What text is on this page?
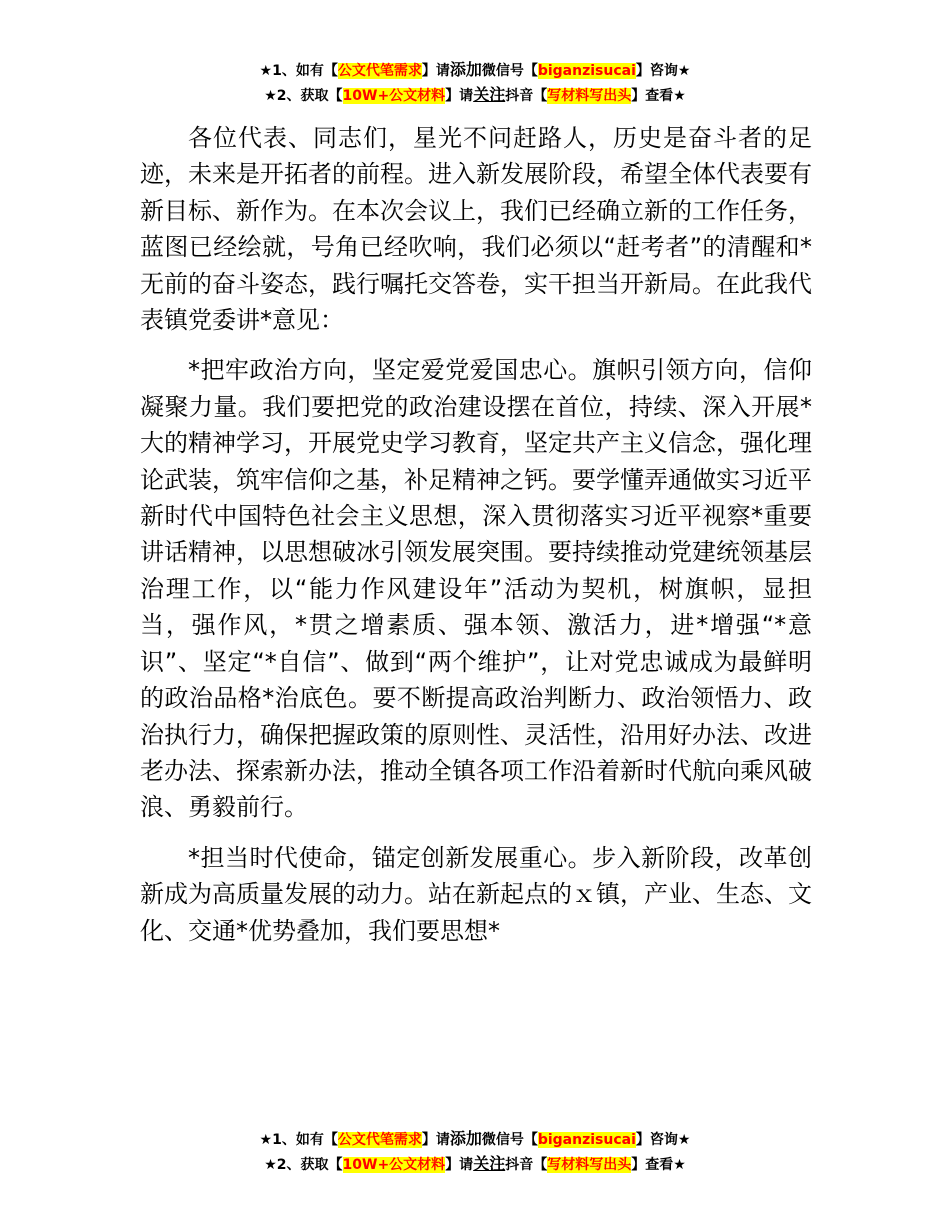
★1、如有【公文代笔需求】请添加微信号【biganzisucai】咨询★
★2、获取【10W+公文材料】请关注抖音【写材料写出头】查看★

各位代表、同志们，星光不问赶路人，历史是奋斗者的足迹，未来是开拓者的前程。进入新发展阶段，希望全体代表要有新目标、新作为。在本次会议上，我们已经确立新的工作任务，蓝图已经绘就，号角已经吹响，我们必须以“赶考者”的清醒和*无前的奋斗姿态，践行嘱托交答卷，实干担当开新局。在此我代表镇党委讲*意见：

*把牢政治方向，坚定爱党爱国忠心。旗帜引领方向，信仰凝聚力量。我们要把党的政治建设摆在首位，持续、深入开展*大的精神学习，开展党史学习教育，坚定共产主义信念，强化理论武装，筑牢信仰之基，补足精神之钙。要学懂弄通做实习近平新时代中国特色社会主义思想，深入贯彻落实习近平视察*重要讲话精神，以思想破冰引领发展突围。要持续推动党建统领基层治理工作，以“能力作风建设年”活动为契机，树旗帜，显担当，强作风，*贯之增素质、强本领、激活力，进*增强“*意识”、坚定“*自信”、做到“两个维护”，让对党忠诚成为最鲜明的政治品格*治底色。要不断提高政治判断力、政治领悟力、政治执行力，确保把握政策的原则性、灵活性，沿用好办法、改进老办法、探索新办法，推动全镇各项工作沿着新时代航向乘风破浪、勇毅前行。

*担当时代使命，锚定创新发展重心。步入新阶段，改革创新成为高质量发展的动力。站在新起点的ｘ镇，产业、生态、文化、交通*优势叠加，我们要思想*

★1、如有【公文代笔需求】请添加微信号【biganzisucai】咨询★
★2、获取【10W+公文材料】请关注抖音【写材料写出头】查看★
